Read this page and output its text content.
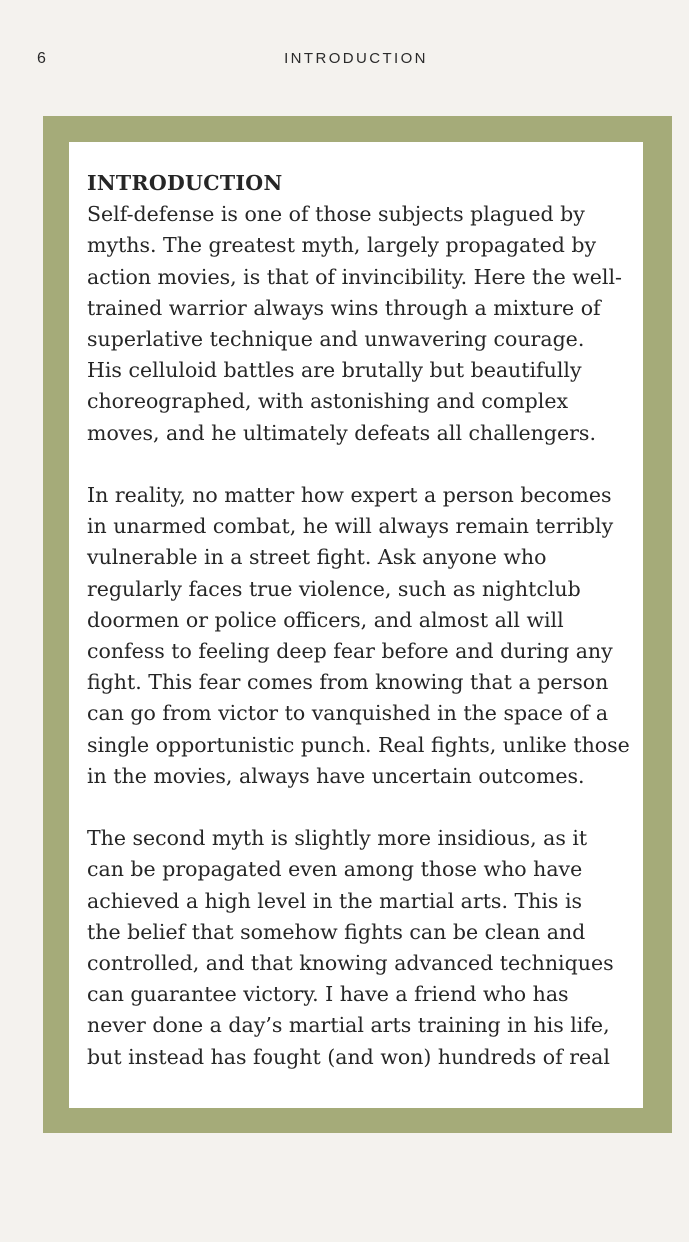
6	INTRODUCTION
INTRODUCTION

Self-defense is one of those subjects plagued by
myths. The greatest myth, largely propagated by
action movies, is that of invincibility. Here the well-
trained warrior always wins through a mixture of
superlative technique and unwavering courage.
His celluloid battles are brutally but beautifully
choreographed, with astonishing and complex
moves, and he ultimately defeats all challengers.

In reality, no matter how expert a person becomes
in unarmed combat, he will always remain terribly
vulnerable in a street fight. Ask anyone who
regularly faces true violence, such as nightclub
doormen or police officers, and almost all will
confess to feeling deep fear before and during any
fight. This fear comes from knowing that a person
can go from victor to vanquished in the space of a
single opportunistic punch. Real fights, unlike those
in the movies, always have uncertain outcomes.

The second myth is slightly more insidious, as it
can be propagated even among those who have
achieved a high level in the martial arts. This is
the belief that somehow fights can be clean and
controlled, and that knowing advanced techniques
can guarantee victory. I have a friend who has
never done a day’s martial arts training in his life,
but instead has fought (and won) hundreds of real
